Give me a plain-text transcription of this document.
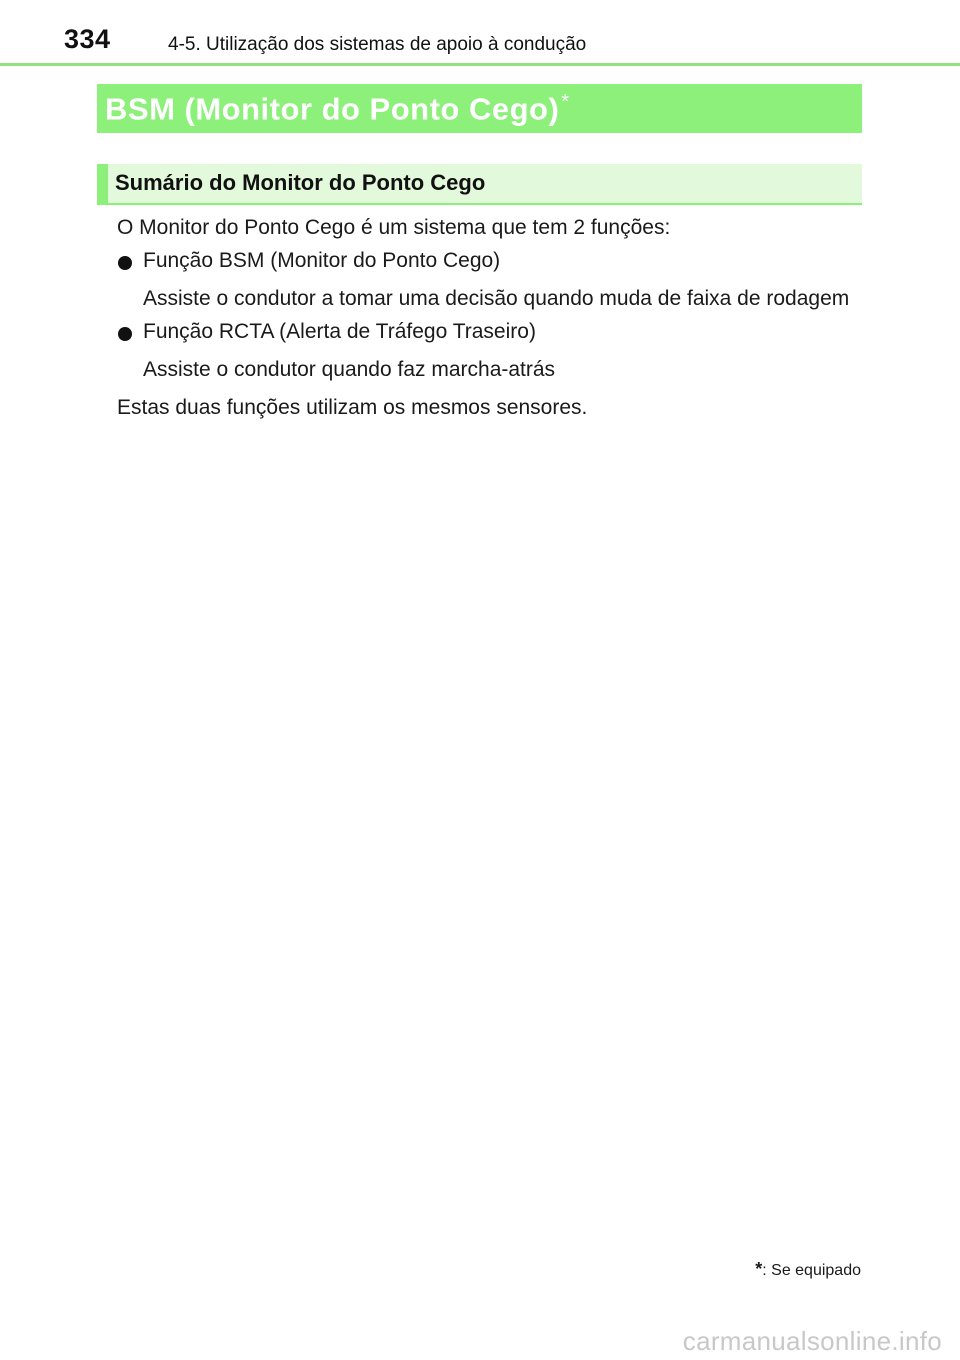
334	4-5. Utilização dos sistemas de apoio à condução
BSM (Monitor do Ponto Cego) *
Sumário do Monitor do Ponto Cego
O Monitor do Ponto Cego é um sistema que tem 2 funções:
Função BSM (Monitor do Ponto Cego)
Assiste o condutor a tomar uma decisão quando muda de faixa de rodagem
Função RCTA (Alerta de Tráfego Traseiro)
Assiste o condutor quando faz marcha-atrás
Estas duas funções utilizam os mesmos sensores.
*: Se equipado
carmanualsonline.info
